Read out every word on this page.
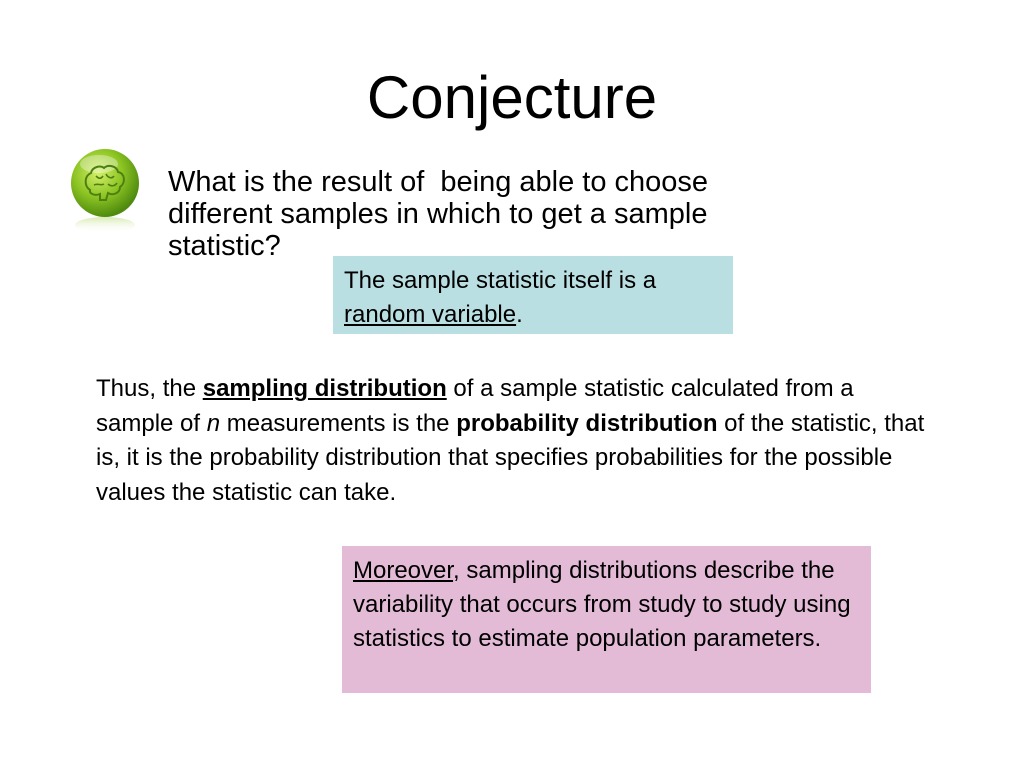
Conjecture
What is the result of  being able to choose
different samples in which to get a sample
statistic?
The sample statistic itself is a
random variable.

Thus, the sampling distribution of a sample statistic calculated from a sample of n measurements is the probability distribution of the statistic, that is, it is the probability distribution that specifies probabilities for the possible values the statistic can take.

Moreover, sampling distributions describe the variability that occurs from study to study using statistics to estimate population parameters.
